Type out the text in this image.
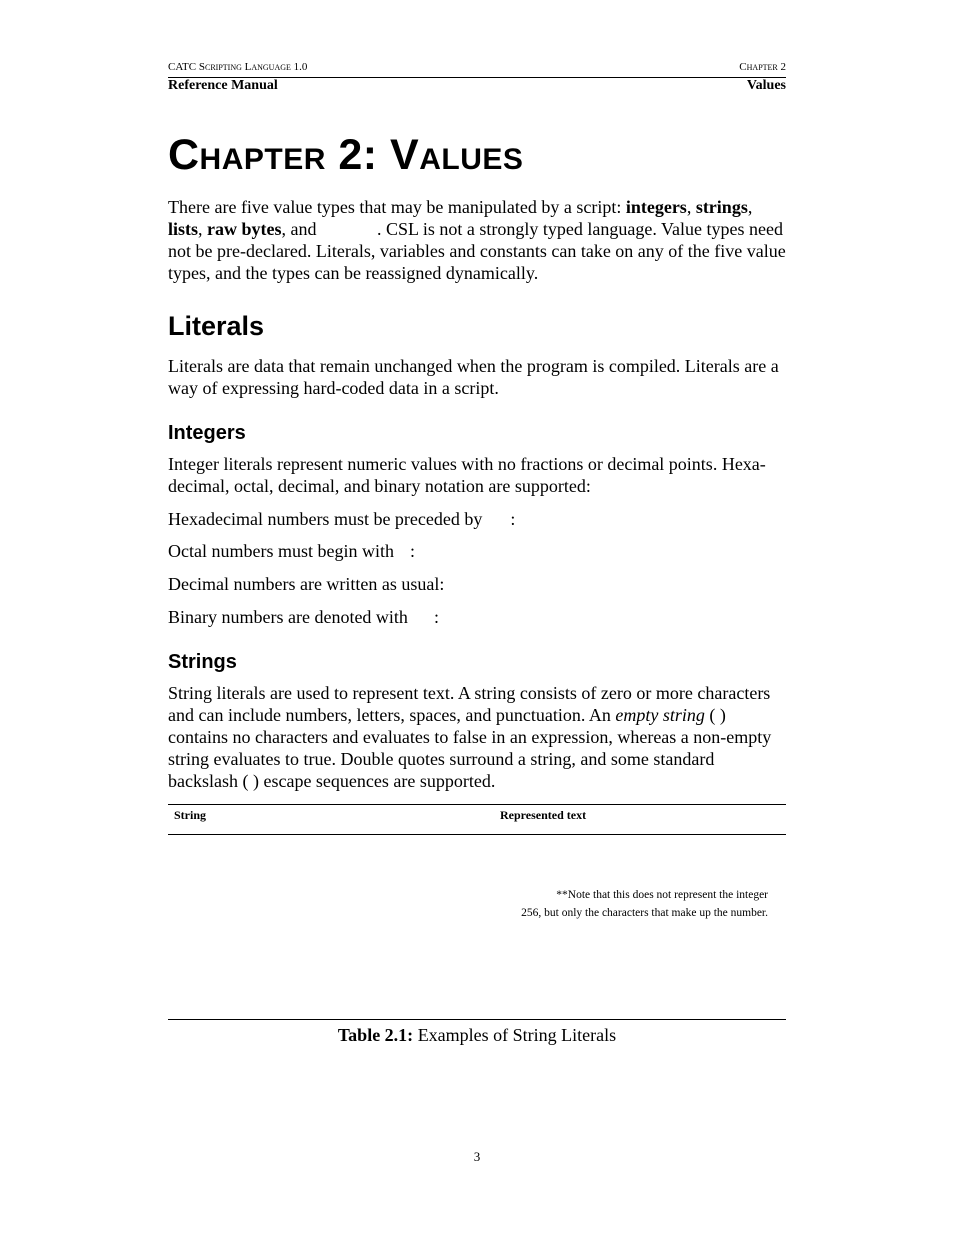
CATC Scripting Language 1.0	Chapter 2
Reference Manual	Values
Chapter 2: Values

There are five value types that may be manipulated by a script: integers, strings, lists, raw bytes, and	. CSL is not a strongly typed language. Value types need not be pre-declared. Literals, variables and constants can take on any of the five value types, and the types can be reassigned dynamically.

Literals

Literals are data that remain unchanged when the program is compiled. Literals are a way of expressing hard-coded data in a script.

Integers

Integer literals represent numeric values with no fractions or decimal points. Hexa-decimal, octal, decimal, and binary notation are supported:

Hexadecimal numbers must be preceded by :

Octal numbers must begin with :

Decimal numbers are written as usual:

Binary numbers are denoted with :

Strings

String literals are used to represent text. A string consists of zero or more characters and can include numbers, letters, spaces, and punctuation. An empty string ( ) contains no characters and evaluates to false in an expression, whereas a non-empty string evaluates to true. Double quotes surround a string, and some standard backslash ( ) escape sequences are supported.

String	Represented text
**Note that this does not represent the integer
256, but only the characters that make up the number.
Table 2.1: Examples of String Literals
3
